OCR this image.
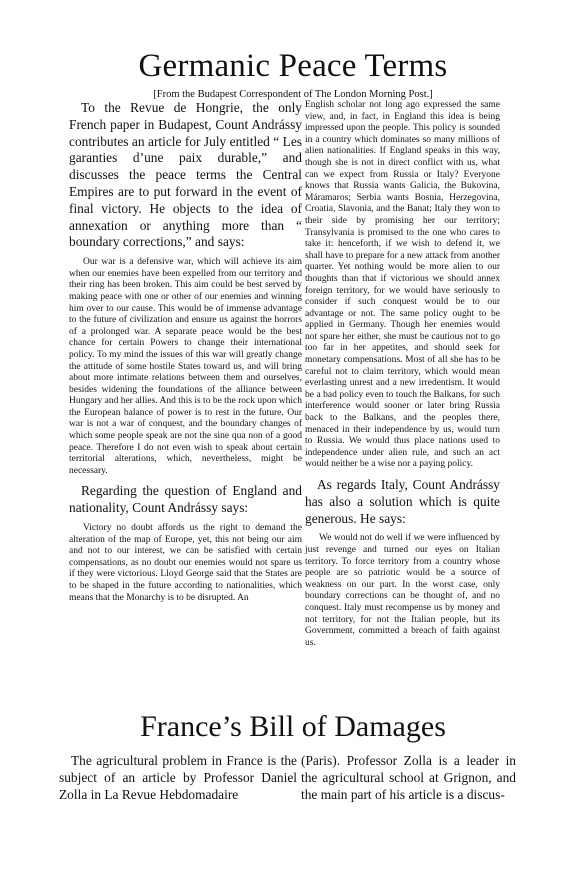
Germanic Peace Terms
[From the Budapest Correspondent of The London Morning Post.]

To the Revue de Hongrie, the only French paper in Budapest, Count Andrássy contributes an article for July entitled “ Les garanties d’une paix durable,” and discusses the peace terms the Central Empires are to put forward in the event of final victory. He objects to the idea of annexation or anything more than “ boundary corrections,” and says:

Our war is a defensive war, which will achieve its aim when our enemies have been expelled from our territory and their ring has been broken. This aim could be best served by making peace with one or other of our enemies and winning him over to our cause. This would be of immense advantage to the future of civilization and ensure us against the horrors of a prolonged war. A separate peace would be the best chance for certain Powers to change their international policy. To my mind the issues of this war will greatly change the attitude of some hostile States toward us, and will bring about more intimate relations between them and ourselves, besides widening the foundations of the alliance between Hungary and her allies. And this is to be the rock upon which the European balance of power is to rest in the future. Our war is not a war of conquest, and the boundary changes of which some people speak are not the sine qua non of a good peace. Therefore I do not even wish to speak about certain territorial alterations, which, nevertheless, might be necessary.

Regarding the question of England and nationality, Count Andrássy says:

Victory no doubt affords us the right to demand the alteration of the map of Europe, yet, this not being our aim and not to our interest, we can be satisfied with certain compensations, as no doubt our enemies would not spare us if they were victorious. Lloyd George said that the States are to be shaped in the future according to nationalities, which means that the Monarchy is to be disrupted. An

English scholar not long ago expressed the same view, and, in fact, in England this idea is being impressed upon the people. This policy is sounded in a country which dominates so many millions of alien nationalities. If England speaks in this way, though she is not in direct conflict with us, what can we expect from Russia or Italy? Everyone knows that Russia wants Galicia, the Bukovina, Máramaros; Serbia wants Bosnia, Herzegovina, Croatia, Slavonia, and the Banat; Italy they won to their side by promising her our territory; Transylvania is promised to the one who cares to take it: henceforth, if we wish to defend it, we shall have to prepare for a new attack from another quarter. Yet nothing would be more alien to our thoughts than that if victorious we should annex foreign territory, for we would have seriously to consider if such conquest would be to our advantage or not. The same policy ought to be applied in Germany. Though her enemies would not spare her either, she must be cautious not to go too far in her appetites, and should seek for monetary compensations. Most of all she has to be careful not to claim territory, which would mean everlasting unrest and a new irredentism. It would be a bad policy even to touch the Balkans, for such interference would sooner or later bring Russia back to the Balkans, and the peoples there, menaced in their independence by us, would turn to Russia. We would thus place nations used to independence under alien rule, and such an act would neither be a wise nor a paying policy.

As regards Italy, Count Andrássy has also a solution which is quite generous. He says:

We would not do well if we were influenced by just revenge and turned our eyes on Italian territory. To force territory from a country whose people are so patriotic would be a source of weakness on our part. In the worst case, only boundary corrections can be thought of, and no conquest. Italy must recompense us by money and not territory, for not the Italian people, but its Government, committed a breach of faith against us.

France’s Bill of Damages

The agricultural problem in France is the subject of an article by Professor Daniel Zolla in La Revue Hebdomadaire

(Paris). Professor Zolla is a leader in the agricultural school at Grignon, and the main part of his article is a discus-
